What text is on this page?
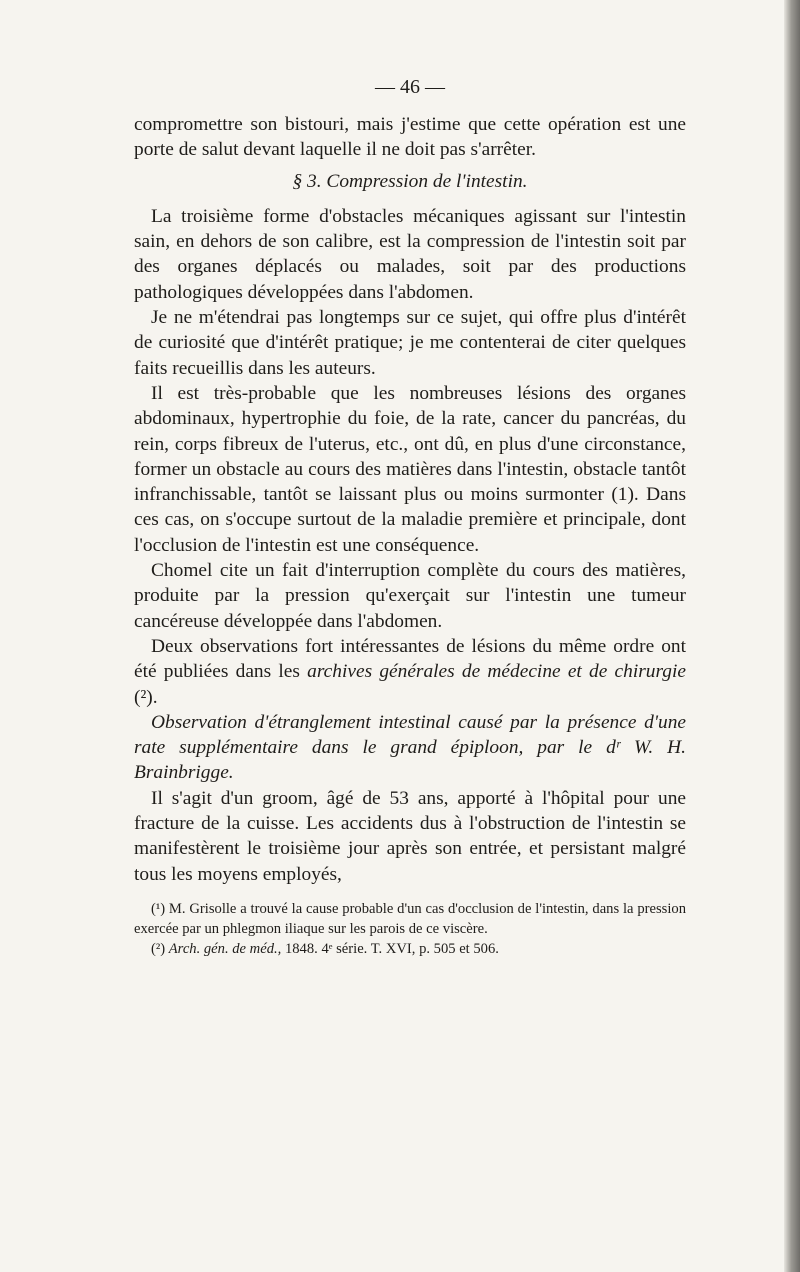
— 46 —

compromettre son bistouri, mais j'estime que cette opération est une porte de salut devant laquelle il ne doit pas s'arrêter.

§ 3. Compression de l'intestin.

La troisième forme d'obstacles mécaniques agissant sur l'intestin sain, en dehors de son calibre, est la compression de l'intestin soit par des organes déplacés ou malades, soit par des productions pathologiques développées dans l'abdomen.

Je ne m'étendrai pas longtemps sur ce sujet, qui offre plus d'intérêt de curiosité que d'intérêt pratique; je me contenterai de citer quelques faits recueillis dans les auteurs.

Il est très-probable que les nombreuses lésions des organes abdominaux, hypertrophie du foie, de la rate, cancer du pancréas, du rein, corps fibreux de l'uterus, etc., ont dû, en plus d'une circonstance, former un obstacle au cours des matières dans l'intestin, obstacle tantôt infranchissable, tantôt se laissant plus ou moins surmonter (1). Dans ces cas, on s'occupe surtout de la maladie première et principale, dont l'occlusion de l'intestin est une conséquence.

Chomel cite un fait d'interruption complète du cours des matières, produite par la pression qu'exerçait sur l'intestin une tumeur cancéreuse développée dans l'abdomen.

Deux observations fort intéressantes de lésions du même ordre ont été publiées dans les archives générales de médecine et de chirurgie (²).

Observation d'étranglement intestinal causé par la présence d'une rate supplémentaire dans le grand épiploon, par le dʳ W. H. Brainbrigge.

Il s'agit d'un groom, âgé de 53 ans, apporté à l'hôpital pour une fracture de la cuisse. Les accidents dus à l'obstruction de l'intestin se manifestèrent le troisième jour après son entrée, et persistant malgré tous les moyens employés,

(¹) M. Grisolle a trouvé la cause probable d'un cas d'occlusion de l'intestin, dans la pression exercée par un phlegmon iliaque sur les parois de ce viscère.

(²) Arch. gén. de méd., 1848. 4ᵉ série. T. XVI, p. 505 et 506.
